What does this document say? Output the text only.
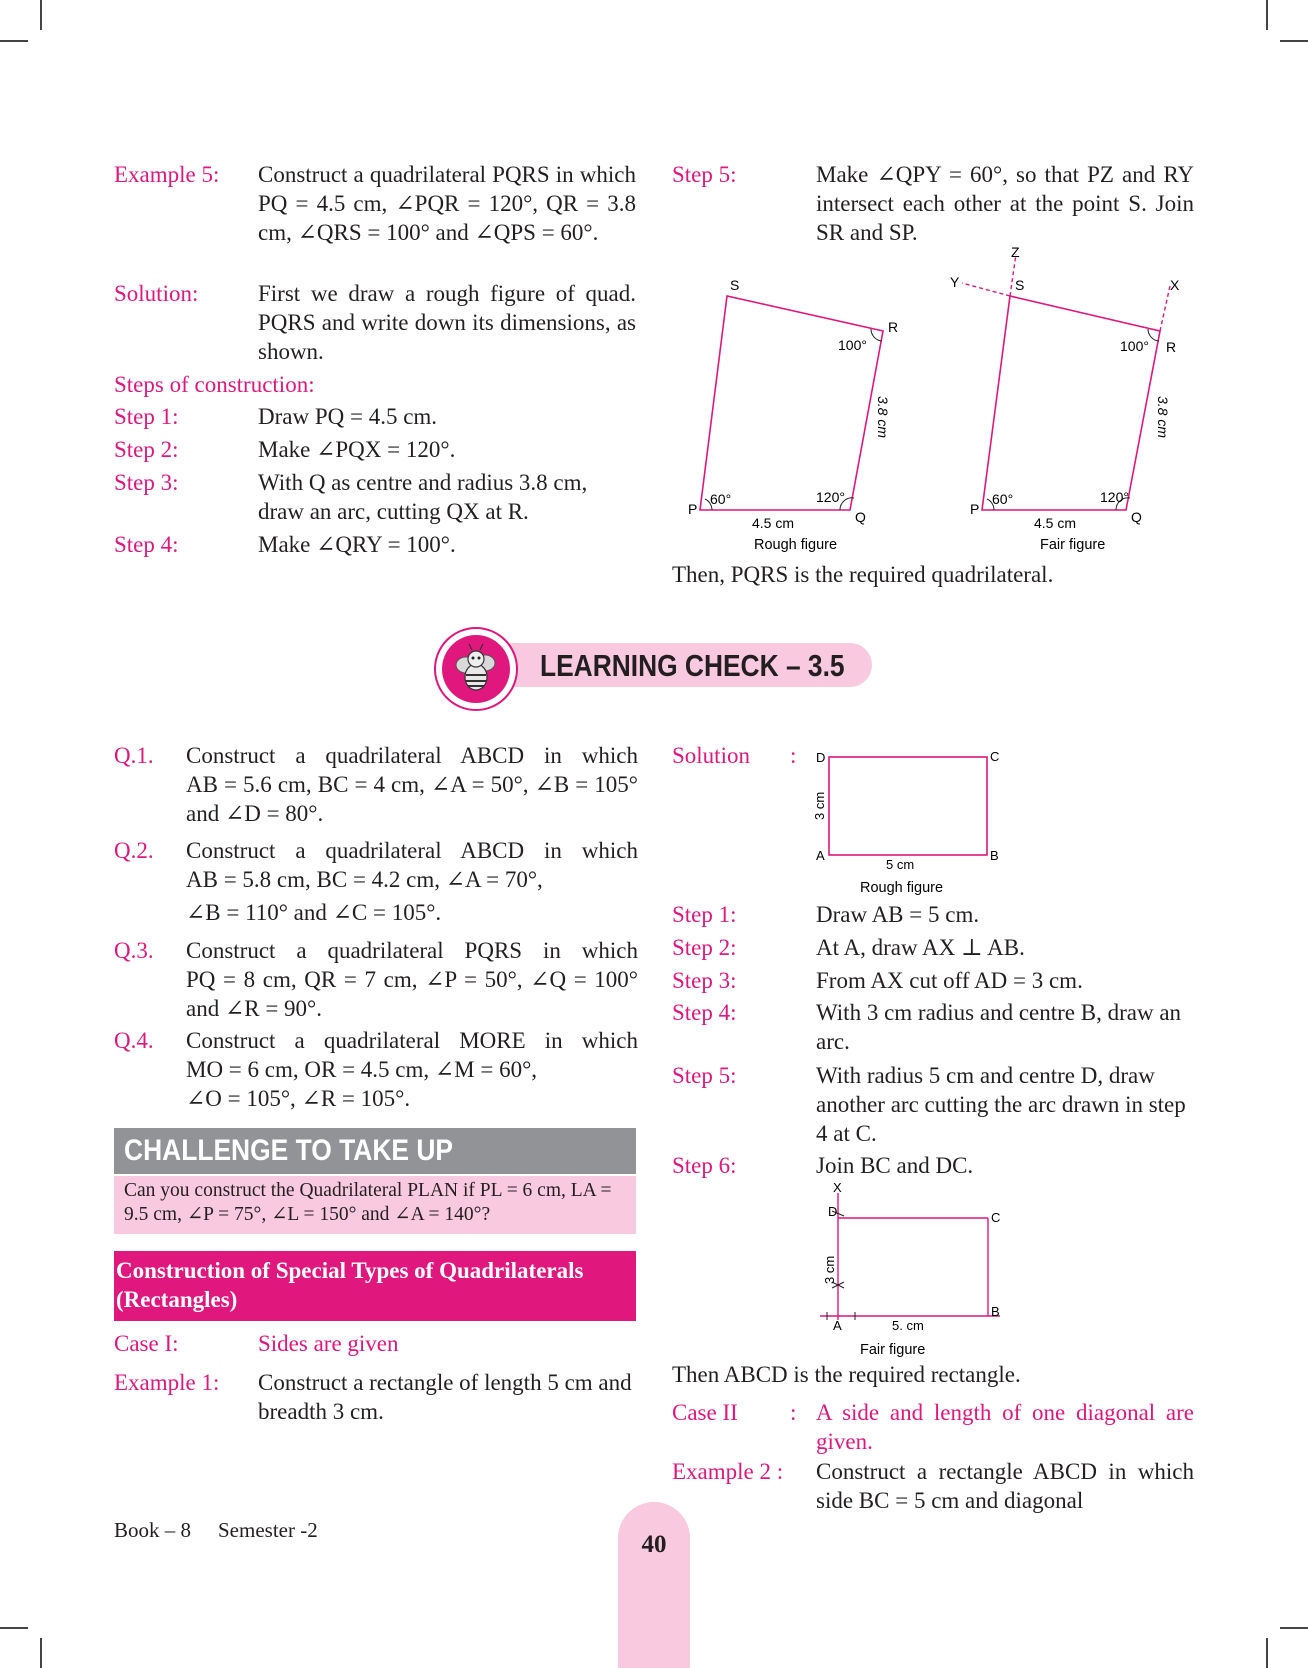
Example 5: Construct a quadrilateral PQRS in which PQ = 4.5 cm, ∠PQR = 120°, QR = 3.8 cm, ∠QRS = 100° and ∠QPS = 60°.
Solution:	First we draw a rough figure of quad. PQRS and write down its dimensions, as shown.
Steps of construction:
Step 1:	Draw PQ = 4.5 cm.
Step 2:	Make ∠PQX = 120°.
Step 3:	With Q as centre and radius 3.8 cm, draw an arc, cutting QX at R.
Step 4:	Make ∠QRY = 100°.
Step 5:	Make ∠QPY = 60°, so that PZ and RY intersect each other at the point S. Join SR and SP.
P	Q
R
S
60°	120°
100°
4.5 cm
3.8 cm
Rough figure
P	Q
R
S	X
Y
Z
60°	120°
100°
4.5 cm
3.8 cm
Fair figure
Then, PQRS is the required quadrilateral.
LEARNING CHECK – 3.5
Q.1. Construct a quadrilateral ABCD in which
AB = 5.6 cm, BC = 4 cm, ∠A = 50°, ∠B = 105°
and ∠D = 80°.
Q.2. Construct a quadrilateral ABCD in which
AB = 5.8 cm, BC = 4.2 cm, ∠A = 70°,
∠B = 110° and ∠C = 105°.
Q.3. Construct a quadrilateral PQRS in which
PQ = 8 cm, QR = 7 cm, ∠P = 50°, ∠Q = 100°
and ∠R = 90°.
Q.4. Construct a quadrilateral MORE in which
MO = 6 cm, OR = 4.5 cm, ∠M = 60°,
∠O = 105°, ∠R = 105°.
CHALLENGE TO TAKE UP
Can you construct the Quadrilateral PLAN if PL = 6 cm, LA = 9.5 cm, ∠P = 75°, ∠L = 150° and ∠A = 140°?
Construction of Special Types of Quadrilaterals (Rectangles)
Case I:	Sides are given
Example 1: Construct a rectangle of length 5 cm and breadth 3 cm.
Solution : D	C
A	B
5 cm
3 cm
Rough figure
Step 1:	Draw AB = 5 cm.
Step 2:	At A, draw AX ⊥ AB.
Step 3:	From AX cut off AD = 3 cm.
Step 4:	With 3 cm radius and centre B, draw an arc.
Step 5:	With radius 5 cm and centre D, draw another arc cutting the arc drawn in step 4 at C.
Step 6:	Join BC and DC.
X
D	C
A
B
5. cm
3 cm
Fair figure
Then ABCD is the required rectangle.
Case II : A side and length of one diagonal are given.
Example 2 : Construct a rectangle ABCD in which side BC = 5 cm and diagonal
Book – 8 Semester -2
40
